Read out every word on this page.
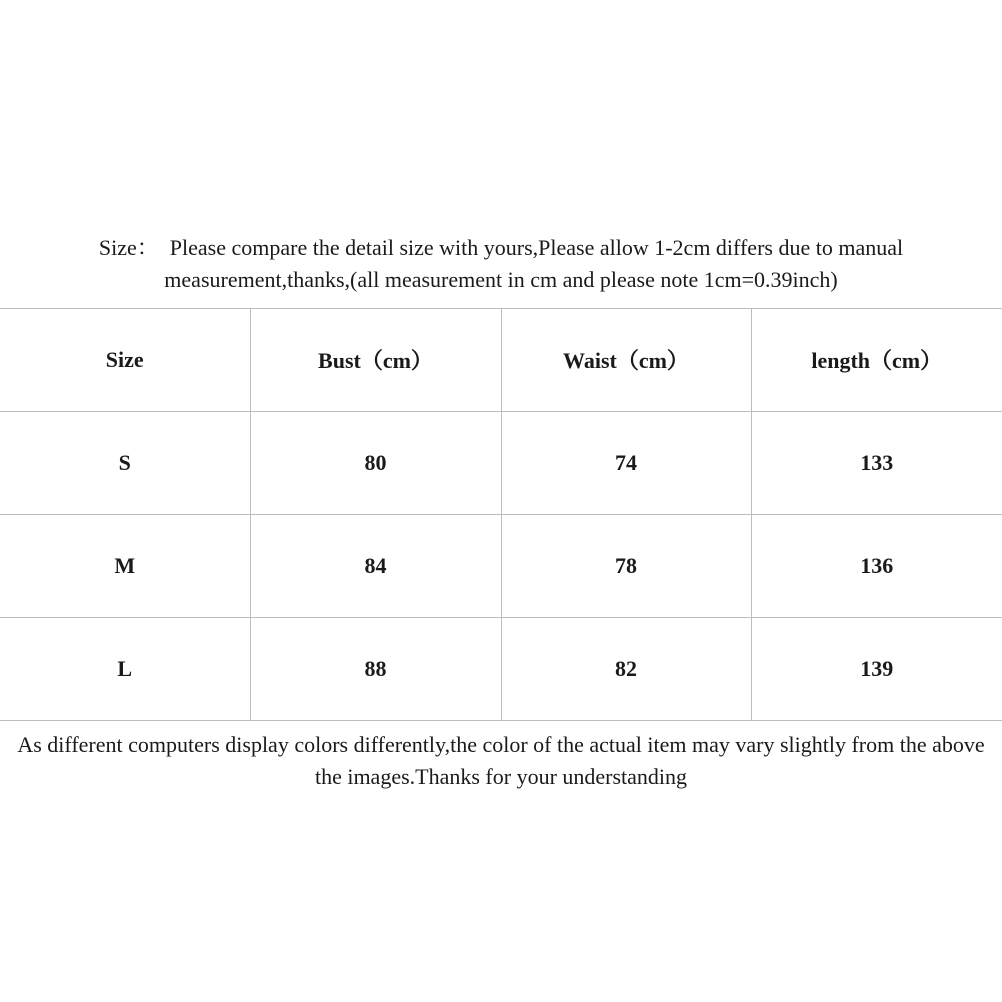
Size：  Please compare the detail size with yours,Please allow 1-2cm differs due to manual
measurement,thanks,(all measurement in cm and please note 1cm=0.39inch)
Size	Bust（cm）	Waist（cm）	length（cm）
S	80	74	133
M	84	78	136
L	88	82	139
As different computers display colors differently,the color of the actual item may vary slightly from the above
the images.Thanks for your understanding
